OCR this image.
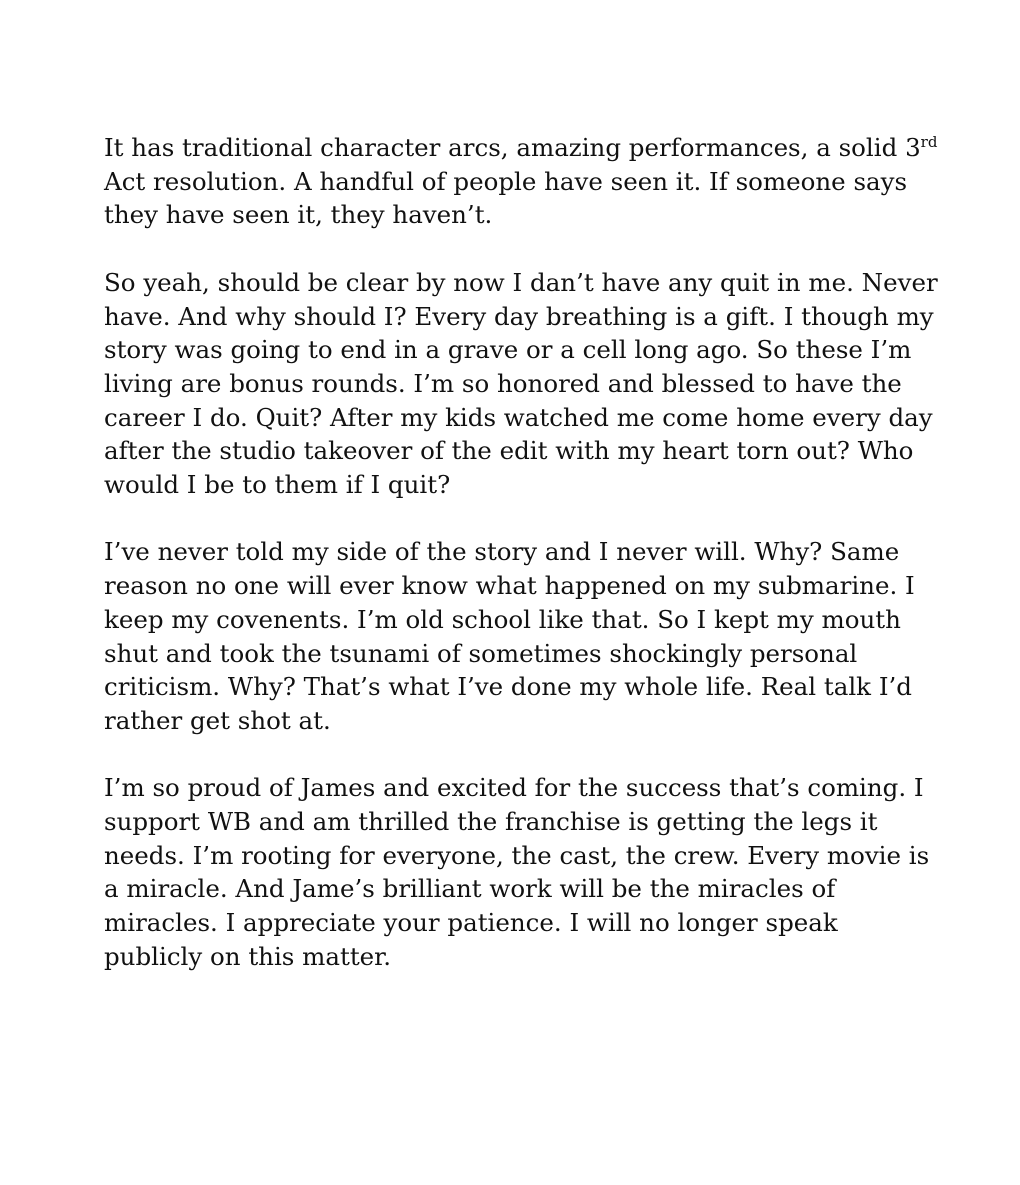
It has traditional character arcs, amazing performances, a solid 3rd
Act resolution. A handful of people have seen it. If someone says
they have seen it, they haven’t.

So yeah, should be clear by now I dan’t have any quit in me. Never
have. And why should I? Every day breathing is a gift. I though my
story was going to end in a grave or a cell long ago. So these I’m
living are bonus rounds. I’m so honored and blessed to have the
career I do. Quit? After my kids watched me come home every day
after the studio takeover of the edit with my heart torn out? Who
would I be to them if I quit?

I’ve never told my side of the story and I never will. Why? Same
reason no one will ever know what happened on my submarine. I
keep my covenents. I’m old school like that. So I kept my mouth
shut and took the tsunami of sometimes shockingly personal
criticism. Why? That’s what I’ve done my whole life. Real talk I’d
rather get shot at.

I’m so proud of James and excited for the success that’s coming. I
support WB and am thrilled the franchise is getting the legs it
needs. I’m rooting for everyone, the cast, the crew. Every movie is
a miracle. And Jame’s brilliant work will be the miracles of
miracles. I appreciate your patience. I will no longer speak
publicly on this matter.
